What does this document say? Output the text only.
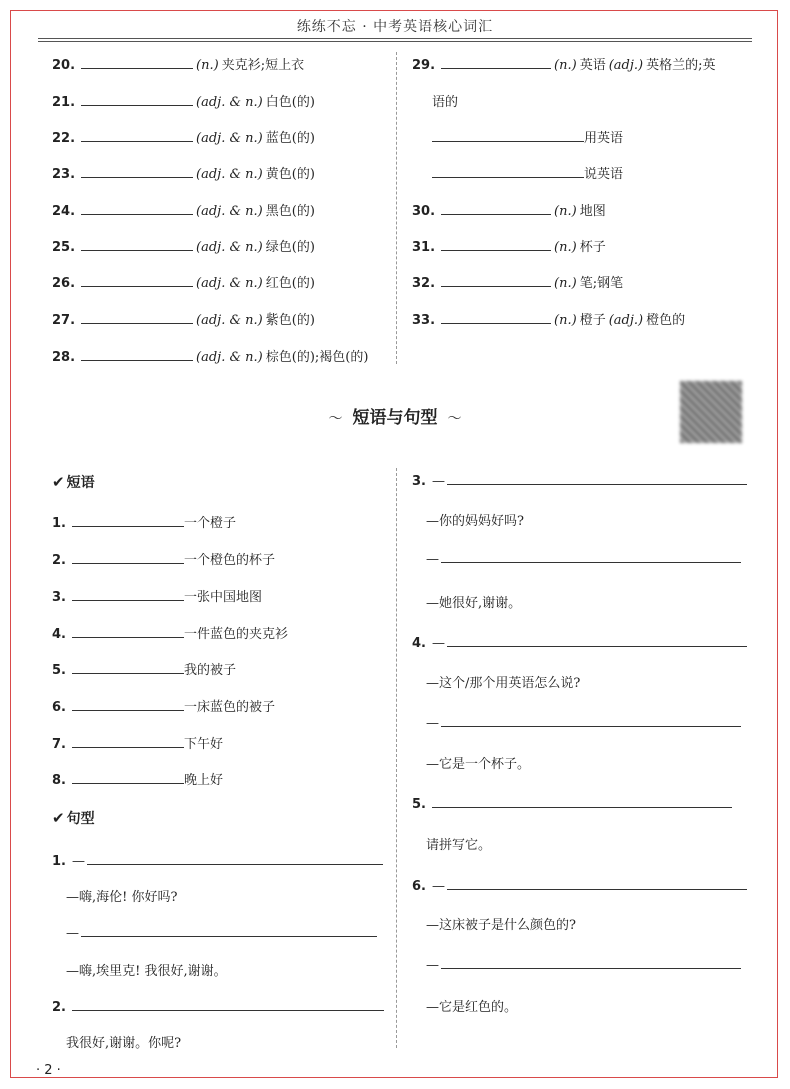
练练不忘 · 中考英语核心词汇
20.	(n.) 夹克衫;短上衣
21.	(adj. & n.) 白色(的)
22.	(adj. & n.) 蓝色(的)
23.	(adj. & n.) 黄色(的)
24.	(adj. & n.) 黑色(的)
25.	(adj. & n.) 绿色(的)
26.	(adj. & n.) 红色(的)
27.	(adj. & n.) 紫色(的)
28.	(adj. & n.) 棕色(的);褐色(的)
29.	(n.) 英语 (adj.) 英格兰的;英
语的
用英语
说英语
30.	(n.) 地图
31.	(n.) 杯子
32.	(n.) 笔;钢笔
33.	(n.) 橙子 (adj.) 橙色的
〜 短语与句型 〜
✔ 短语
1.	一个橙子
2.	一个橙色的杯子
3.	一张中国地图
4.	一件蓝色的夹克衫
5.	我的被子
6.	一床蓝色的被子
7.	下午好
8.	晚上好
✔ 句型
1. —
—嗨,海伦! 你好吗?
—
—嗨,埃里克! 我很好,谢谢。
2.
我很好,谢谢。你呢?
3. —
—你的妈妈好吗?
—
—她很好,谢谢。
4. —
—这个/那个用英语怎么说?
—
—它是一个杯子。
5.
请拼写它。
6. —
—这床被子是什么颜色的?
—
—它是红色的。
· 2 ·
